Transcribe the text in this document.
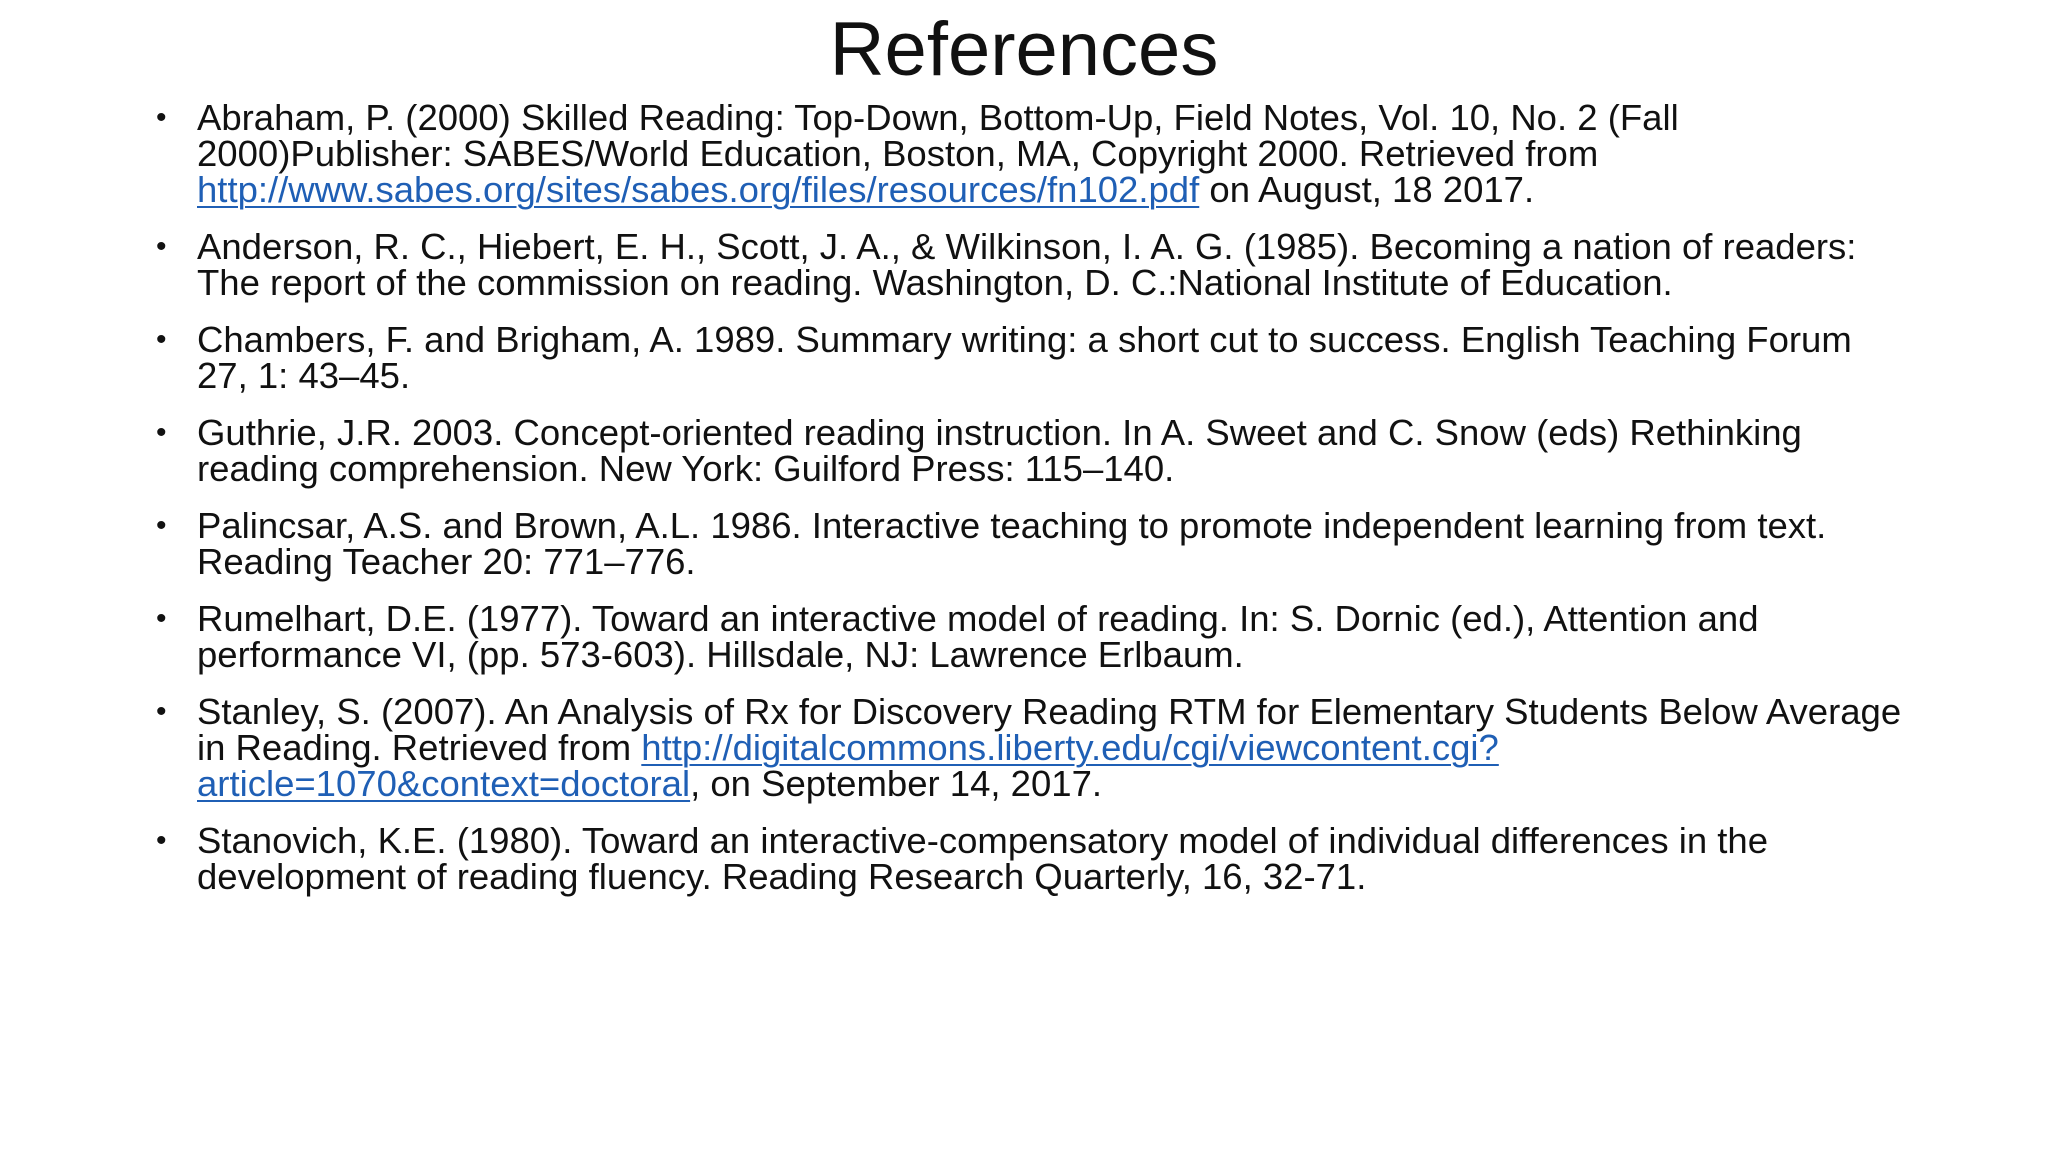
References
• Abraham, P. (2000) Skilled Reading: Top-Down, Bottom-Up, Field Notes, Vol. 10, No. 2 (Fall 2000)Publisher: SABES/World Education, Boston, MA, Copyright 2000. Retrieved from http://www.sabes.org/sites/sabes.org/files/resources/fn102.pdf on August, 18 2017.
• Anderson, R. C., Hiebert, E. H., Scott, J. A., & Wilkinson, I. A. G. (1985). Becoming a nation of readers: The report of the commission on reading. Washington, D. C.:National Institute of Education.
• Chambers, F. and Brigham, A. 1989. Summary writing: a short cut to success. English Teaching Forum 27, 1: 43–45.
• Guthrie, J.R. 2003. Concept-oriented reading instruction. In A. Sweet and C. Snow (eds) Rethinking reading comprehension. New York: Guilford Press: 115–140.
• Palincsar, A.S. and Brown, A.L. 1986. Interactive teaching to promote independent learning from text. Reading Teacher 20: 771–776.
• Rumelhart, D.E. (1977). Toward an interactive model of reading. In: S. Dornic (ed.), Attention and performance VI, (pp. 573-603). Hillsdale, NJ: Lawrence Erlbaum.
• Stanley, S. (2007). An Analysis of Rx for Discovery Reading RTM for Elementary Students Below Average in Reading. Retrieved from http://digitalcommons.liberty.edu/cgi/viewcontent.cgi?article=1070&context=doctoral, on September 14, 2017.
• Stanovich, K.E. (1980). Toward an interactive-compensatory model of individual differences in the development of reading fluency. Reading Research Quarterly, 16, 32-71.
